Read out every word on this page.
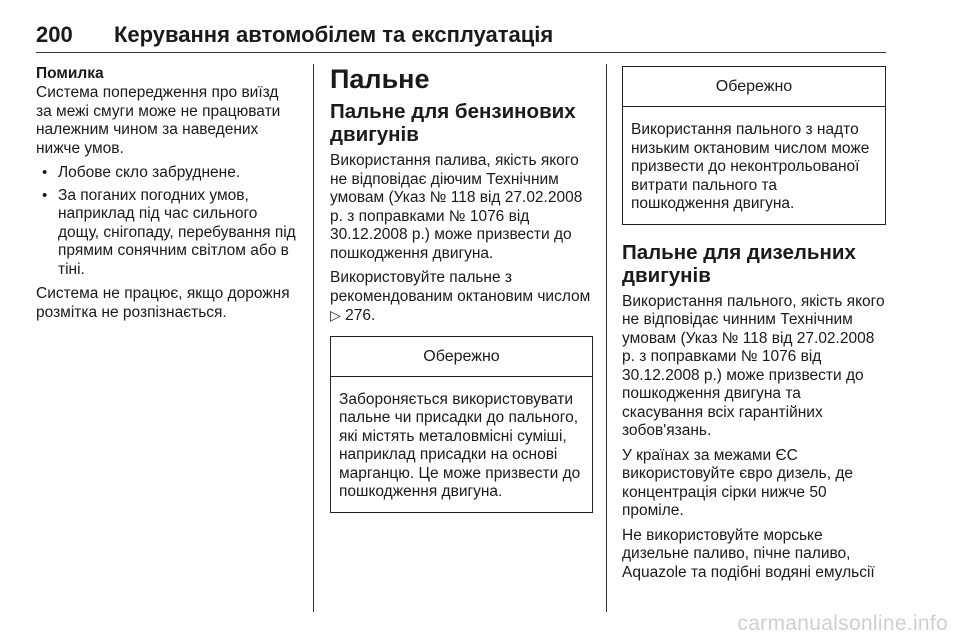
200 Керування автомобілем та експлуатація
Помилка

Система попередження про виїзд за межі смуги може не працювати належним чином за наведених нижче умов.

• Лобове скло забруднене.
• За поганих погодних умов, наприклад під час сильного дощу, снігопаду, перебування під прямим сонячним світлом або в тіні.

Система не працює, якщо дорожня розмітка не розпізнається.

Пальне
Пальне для бензинових двигунів

Використання палива, якість якого не відповідає діючим Технічним умовам (Указ № 118 від 27.02.2008 р. з поправками № 1076 від 30.12.2008 р.) може призвести до пошкодження двигуна.

Використовуйте пальне з рекомендованим октановим числом ▷ 276.

Обережно
Забороняється використовувати пальне чи присадки до пального, які містять металовмісні суміші, наприклад присадки на основі марганцю. Це може призвести до пошкодження двигуна.
Обережно
Використання пального з надто низьким октановим числом може призвести до неконтрольованої витрати пального та пошкодження двигуна.
Пальне для дизельних двигунів

Використання пального, якість якого не відповідає чинним Технічним умовам (Указ № 118 від 27.02.2008 р. з поправками № 1076 від 30.12.2008 р.) може призвести до пошкодження двигуна та скасування всіх гарантійних зобов'язань.

У країнах за межами ЄС використовуйте євро дизель, де концентрація сірки нижче 50 проміле.

Не використовуйте морське дизельне паливо, пічне паливо, Aquazole та подібні водяні емульсії

carmanualsonline.info
